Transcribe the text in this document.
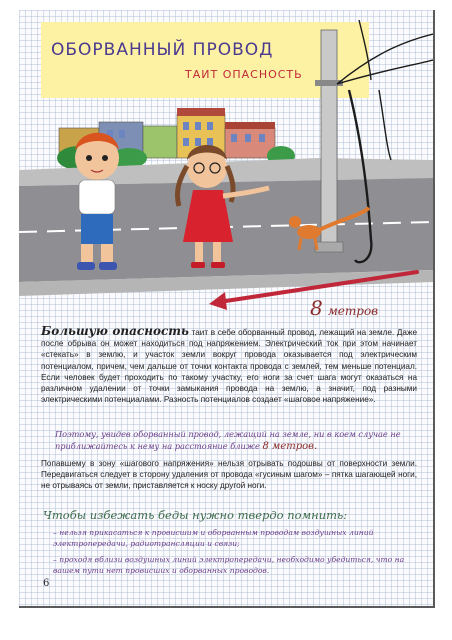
ОБОРВАННЫЙ ПРОВОД
ТАИТ ОПАСНОСТЬ
8 метров
Большую опасность таит в себе оборванный провод, лежащий на земле. Даже после обрыва он может находиться под напряжением. Электрический ток при этом начинает «стекать» в землю, и участок земли вокруг провода оказывается под электрическим потенциалом, причем, чем дальше от точки контакта провода с землей, тем меньше потенциал. Если человек будет проходить по такому участку, его ноги за счет шага могут оказаться на различном удалении от точки замыкания провода на землю, а значит, под разными электрическими потенциалами. Разность потенциалов создает «шаговое напряжение».
Поэтому, увидев оборванный провод, лежащий на земле, ни в коем случае не приближайтесь к нему на расстояние ближе 8 метров.
Попавшему в зону «шагового напряжения» нельзя отрывать подошвы от поверхности земли. Передвигаться следует в сторону удаления от провода «гусиным шагом» – пятка шагающей ноги, не отрываясь от земли, приставляется к носку другой ноги.
Чтобы избежать беды нужно твердо помнить:

– нельзя прикасаться к провисшим и оборванным проводам воздушных линий электропередачи, радиотрансляции и связи;

– проходя вблизи воздушных линий электропередачи, необходимо убедиться, что на вашем пути нет провисших и оборванных проводов.

6
